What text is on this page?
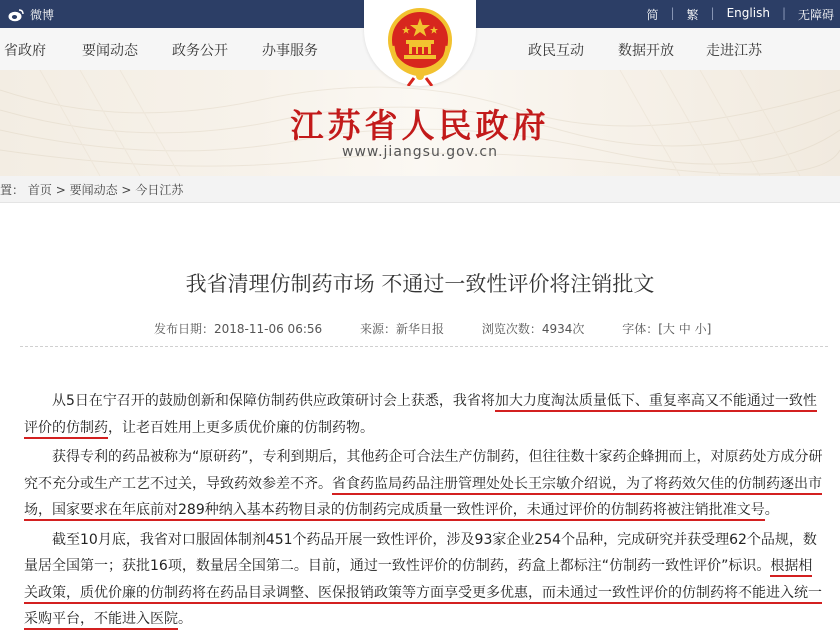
微博	简 | 繁 | English | 无障碍
省政府	要闻动态 政务公开 办事服务	政民互动 数据开放 走进江苏
江苏省人民政府
www.jiangsu.gov.cn
置： 首页 > 要闻动态 > 今日江苏
我省清理仿制药市场 不通过一致性评价将注销批文
发布日期：2018-11-06 06:56	来源：新华日报	浏览次数：4934次	字体：[大 中 小]

从5日在宁召开的鼓励创新和保障仿制药供应政策研讨会上获悉，我省将加大力度淘汰质量低下、重复率高又不能通过一致性评价的仿制药，让老百姓用上更多质优价廉的仿制药物。

获得专利的药品被称为“原研药”，专利到期后，其他药企可合法生产仿制药，但往往数十家药企蜂拥而上，对原药处方成分研究不充分或生产工艺不过关，导致药效参差不齐。省食药监局药品注册管理处处长王宗敏介绍说，为了将药效欠佳的仿制药逐出市场，国家要求在年底前对289种纳入基本药物目录的仿制药完成质量一致性评价，未通过评价的仿制药将被注销批准文号。

截至10月底，我省对口服固体制剂451个药品开展一致性评价，涉及93家企业254个品种，完成研究并获受理62个品规，数量居全国第一；获批16项，数量居全国第二。目前，通过一致性评价的仿制药，药盒上都标注“仿制药一致性评价”标识。根据相关政策，质优价廉的仿制药将在药品目录调整、医保报销政策等方面享受更多优惠，而未通过一致性评价的仿制药将不能进入统一采购平台，不能进入医院。
